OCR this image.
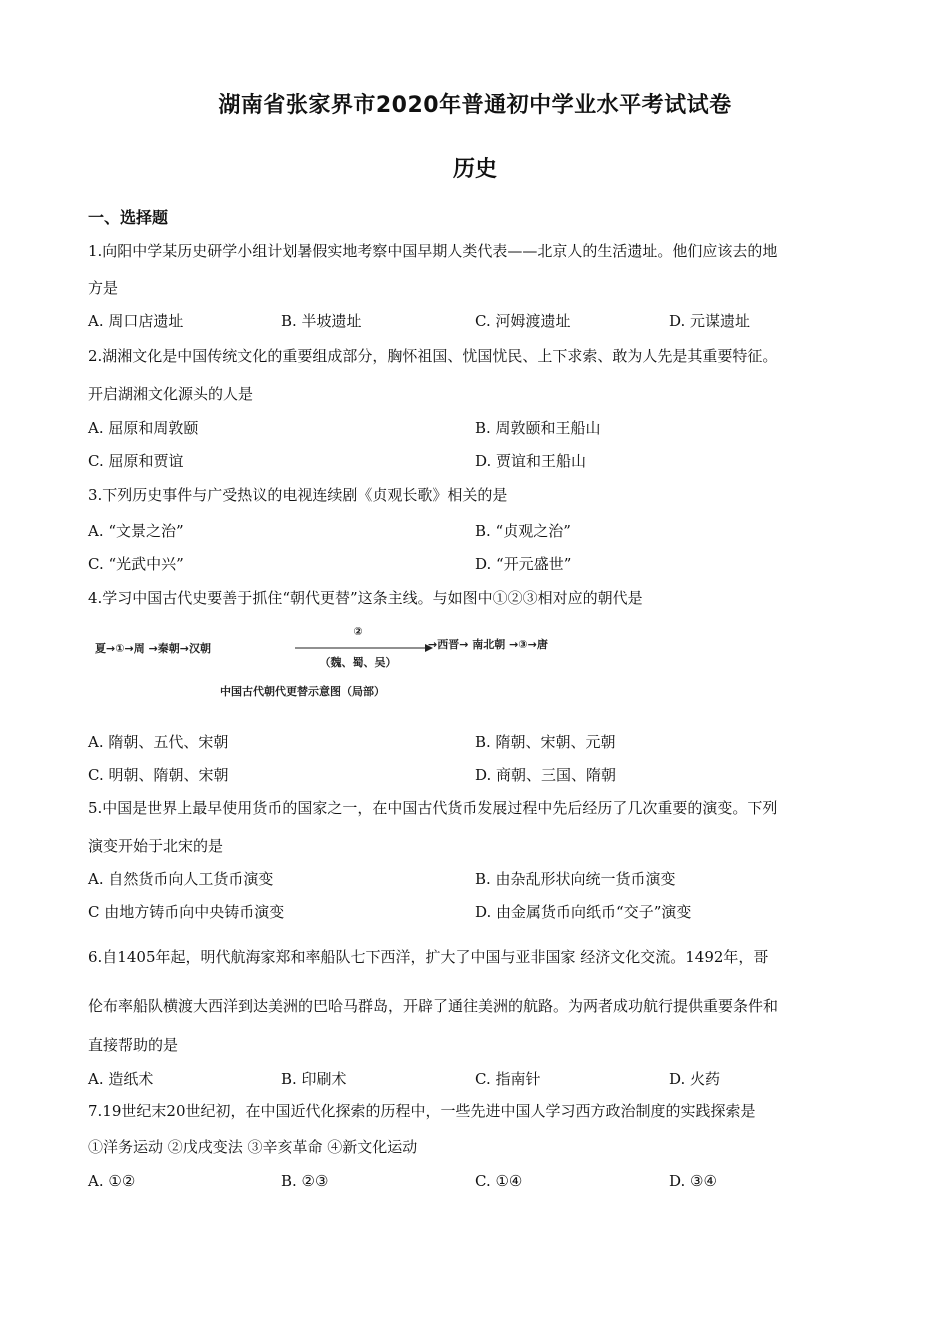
湖南省张家界市2020年普通初中学业水平考试试卷
历史
一、选择题
1.向阳中学某历史研学小组计划暑假实地考察中国早期人类代表——北京人的生活遗址。他们应该去的地
方是
A. 周口店遗址	B. 半坡遗址	C. 河姆渡遗址	D. 元谋遗址
2.湖湘文化是中国传统文化的重要组成部分，胸怀祖国、忧国忧民、上下求索、敢为人先是其重要特征。
开启湖湘文化源头的人是
A. 屈原和周敦颐	B. 周敦颐和王船山
C. 屈原和贾谊	D. 贾谊和王船山
3.下列历史事件与广受热议的电视连续剧《贞观长歌》相关的是
A. “文景之治”	B. “贞观之治”
C. “光武中兴”	D. “开元盛世”
4.学习中国古代史要善于抓住“朝代更替”这条主线。与如图中①②③相对应的朝代是
夏→①→周 →秦朝→汉朝
②
（魏、蜀、吴）
→西晋→ 南北朝 →③→唐
中国古代朝代更替示意图（局部）
A. 隋朝、五代、宋朝	B. 隋朝、宋朝、元朝
C. 明朝、隋朝、宋朝	D. 商朝、三国、隋朝
5.中国是世界上最早使用货币的国家之一，在中国古代货币发展过程中先后经历了几次重要的演变。下列
演变开始于北宋的是
A. 自然货币向人工货币演变	B. 由杂乱形状向统一货币演变
C 由地方铸币向中央铸币演变	D. 由金属货币向纸币“交子”演变
6.自1405年起，明代航海家郑和率船队七下西洋，扩大了中国与亚非国家 经济文化交流。1492年，哥
伦布率船队横渡大西洋到达美洲的巴哈马群岛，开辟了通往美洲的航路。为两者成功航行提供重要条件和
直接帮助的是
A. 造纸术	B. 印刷术	C. 指南针	D. 火药
7.19世纪末20世纪初，在中国近代化探索的历程中，一些先进中国人学习西方政治制度的实践探索是
①洋务运动 ②戊戌变法 ③辛亥革命 ④新文化运动
A. ①②	B. ②③	C. ①④	D. ③④
